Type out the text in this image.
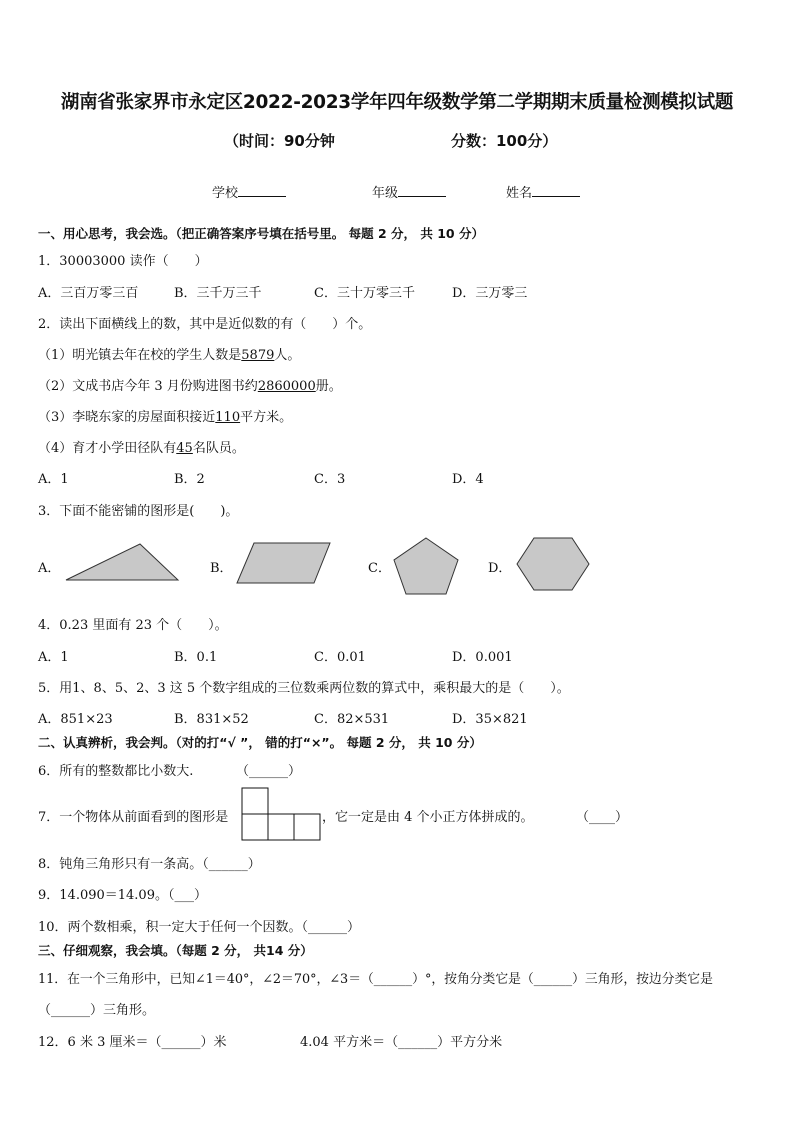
湖南省张家界市永定区2022-2023学年四年级数学第二学期期末质量检测模拟试题
（时间：90分钟	分数：100分）
学校	年级	姓名
一、用心思考，我会选。（把正确答案序号填在括号里。 每题 2 分， 共 10 分）
1．30003000 读作（　　）
A．三百万零三百	B．三千万三千	C．三十万零三千	D．三万零三
2．读出下面横线上的数，其中是近似数的有（　　）个。
（1）明光镇去年在校的学生人数是5879人。
（2）文成书店今年 3 月份购进图书约2860000册。
（3）李晓东家的房屋面积接近110平方米。
（4）育才小学田径队有45名队员。
A．1	B．2	C．3	D．4
3．下面不能密铺的图形是(　　)。
A．	B．	C．	D．
4．0.23 里面有 23 个（　　）。
A．1	B．0.1	C．0.01	D．0.001
5．用1、8、5、2、3 这 5 个数字组成的三位数乘两位数的算式中，乘积最大的是（　　）。
A．851×23	B．831×52	C．82×531	D．35×821
二、认真辨析，我会判。（对的打“√ ”， 错的打“×”。 每题 2 分， 共 10 分）
6．所有的整数都比小数大.	（______）
7．一个物体从前面看到的图形是	，它一定是由 4 个小正方体拼成的。	（____）
8．钝角三角形只有一条高。（______）
9．14.090＝14.09。（___）
10．两个数相乘，积一定大于任何一个因数。（______）
三、仔细观察，我会填。（每题 2 分， 共14 分）
11．在一个三角形中，已知∠1＝40°，∠2＝70°，∠3＝（______）°，按角分类它是（______）三角形，按边分类它是
（______）三角形。
12．6 米 3 厘米＝（______）米	4.04 平方米＝（______）平方分米
